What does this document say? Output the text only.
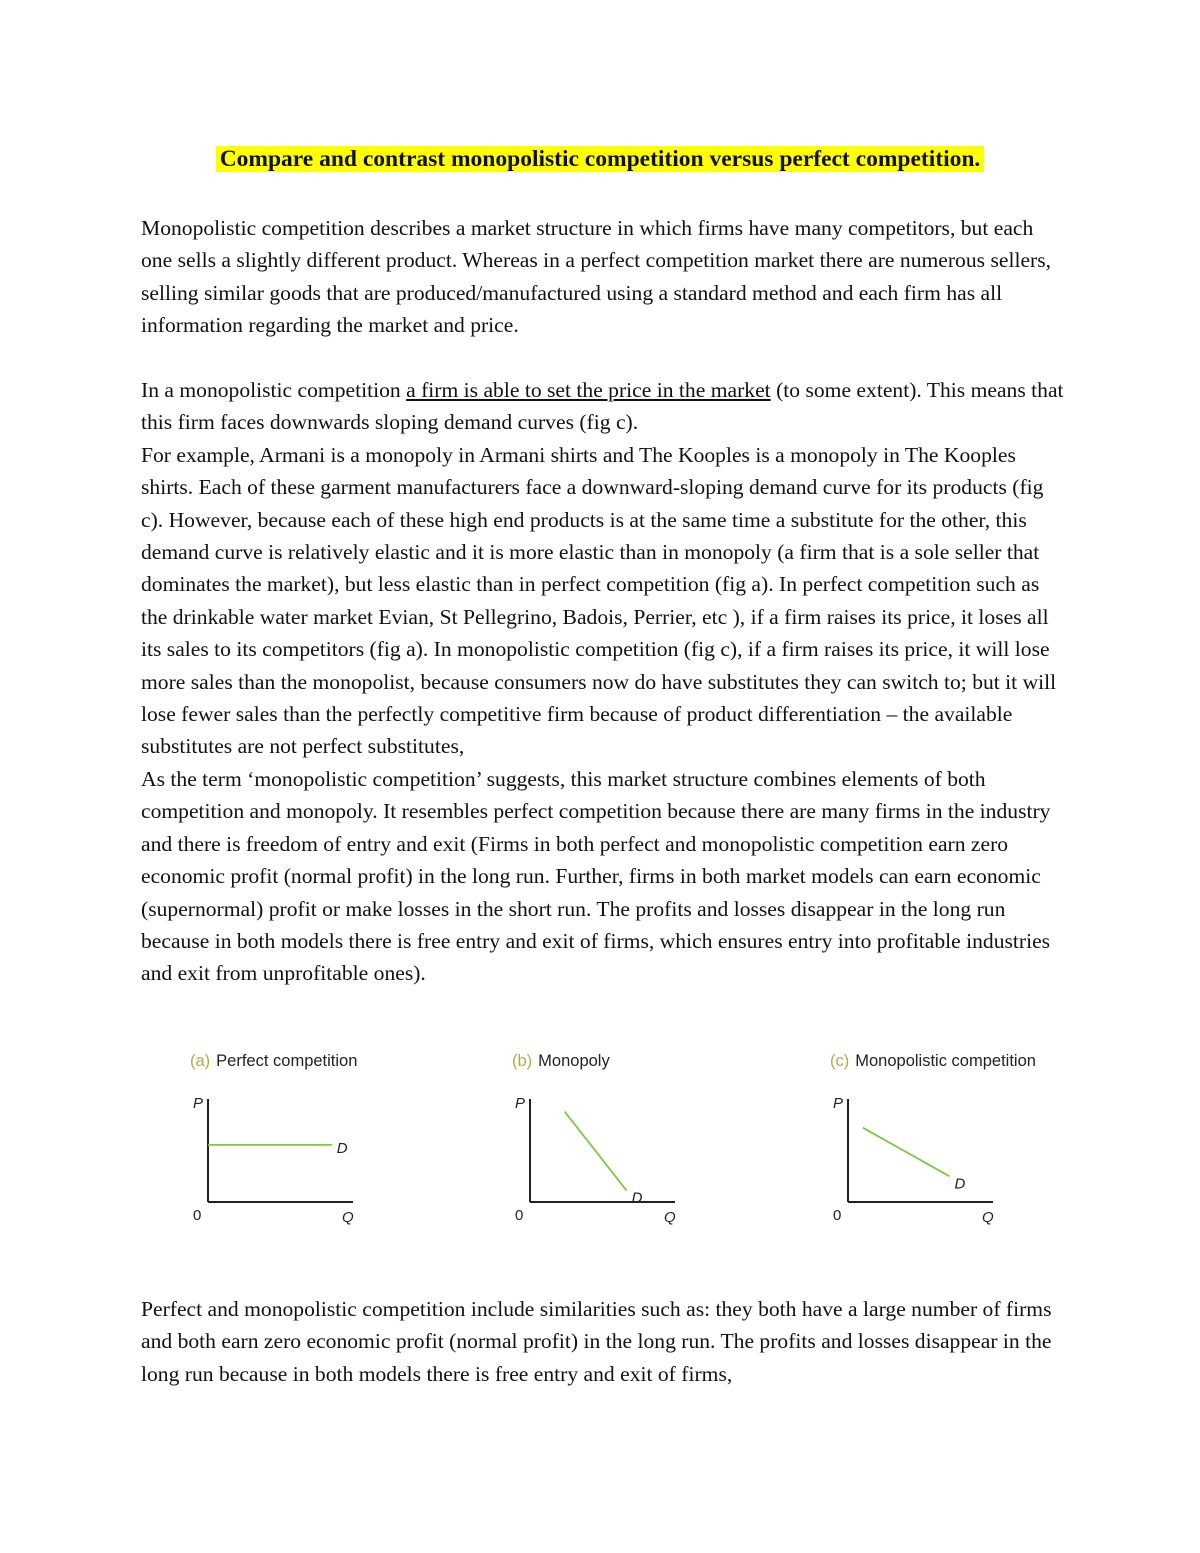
Compare and contrast monopolistic competition versus perfect competition.

Monopolistic competition describes a market structure in which firms have many competitors, but each one sells a slightly different product. Whereas in a perfect competition market there are numerous sellers, selling similar goods that are produced/manufactured using a standard method and each firm has all information regarding the market and price.

In a monopolistic competition a firm is able to set the price in the market (to some extent). This means that this firm faces downwards sloping demand curves (fig c).

For example, Armani is a monopoly in Armani shirts and The Kooples is a monopoly in The Kooples shirts. Each of these garment manufacturers face a downward-sloping demand curve for its products (fig c). However, because each of these high end products is at the same time a substitute for the other, this demand curve is relatively elastic and it is more elastic than in monopoly (a firm that is a sole seller that dominates the market), but less elastic than in perfect competition (fig a). In perfect competition such as the drinkable water market Evian, St Pellegrino, Badois, Perrier, etc ), if a firm raises its price, it loses all its sales to its competitors (fig a). In monopolistic competition (fig c), if a firm raises its price, it will lose more sales than the monopolist, because consumers now do have substitutes they can switch to; but it will lose fewer sales than the perfectly competitive firm because of product differentiation – the available substitutes are not perfect substitutes,

As the term ‘monopolistic competition’ suggests, this market structure combines elements of both competition and monopoly. It resembles perfect competition because there are many firms in the industry and there is freedom of entry and exit (Firms in both perfect and monopolistic competition earn zero economic profit (normal profit) in the long run. Further, firms in both market models can earn economic (supernormal) profit or make losses in the short run. The profits and losses disappear in the long run because in both models there is free entry and exit of firms, which ensures entry into profitable industries and exit from unprofitable ones).

(a) Perfect competition
P
0	Q
D
(b) Monopoly
P
0	Q
D
(c) Monopolistic competition
P
0	Q
D

Perfect and monopolistic competition include similarities such as: they both have a large number of firms and both earn zero economic profit (normal profit) in the long run. The profits and losses disappear in the long run because in both models there is free entry and exit of firms,
